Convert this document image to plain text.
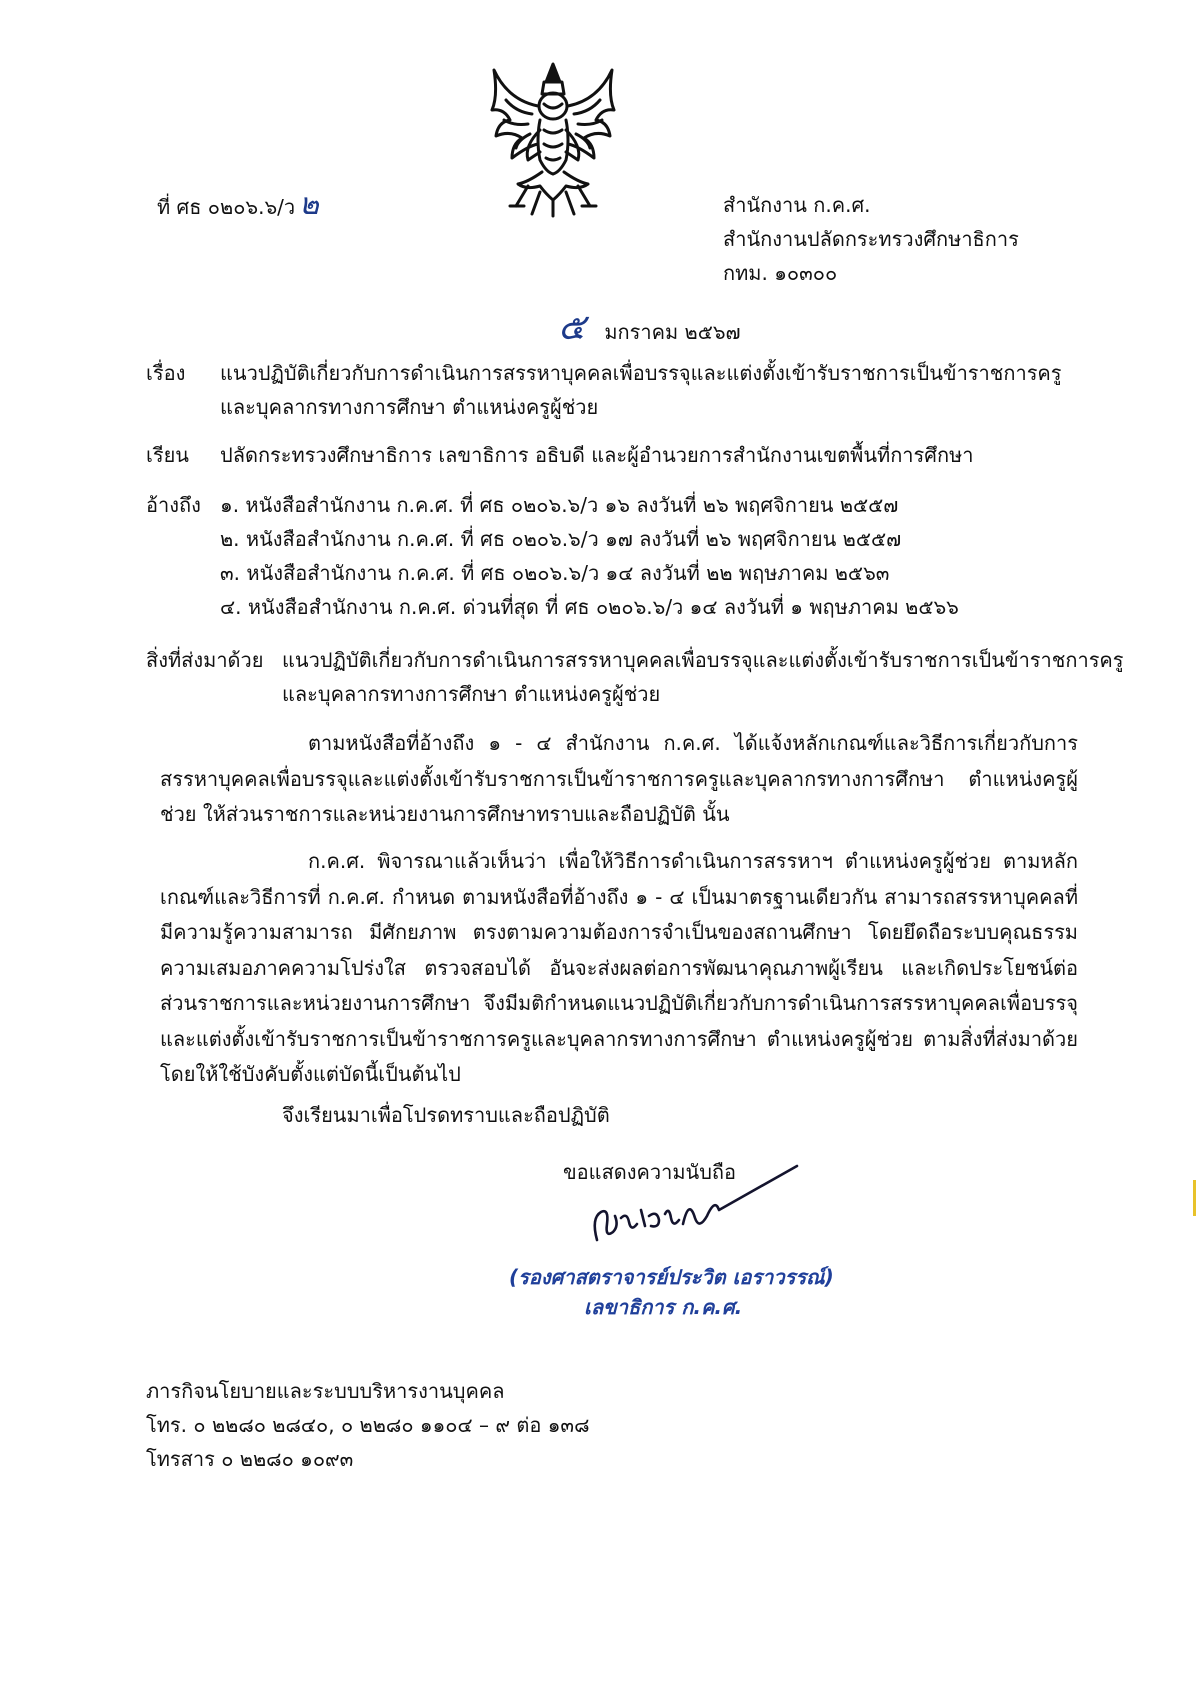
ที่ ศธ ๐๒๐๖.๖/ว ๒	สำนักงาน ก.ค.ศ.
สำนักงานปลัดกระทรวงศึกษาธิการ
กทม. ๑๐๓๐๐
๕ มกราคม ๒๕๖๗
เรื่อง แนวปฏิบัติเกี่ยวกับการดำเนินการสรรหาบุคคลเพื่อบรรจุและแต่งตั้งเข้ารับราชการเป็นข้าราชการครู
และบุคลากรทางการศึกษา ตำแหน่งครูผู้ช่วย
เรียน ปลัดกระทรวงศึกษาธิการ เลขาธิการ อธิบดี และผู้อำนวยการสำนักงานเขตพื้นที่การศึกษา
อ้างถึง ๑. หนังสือสำนักงาน ก.ค.ศ. ที่ ศธ ๐๒๐๖.๖/ว ๑๖ ลงวันที่ ๒๖ พฤศจิกายน ๒๕๕๗
๒. หนังสือสำนักงาน ก.ค.ศ. ที่ ศธ ๐๒๐๖.๖/ว ๑๗ ลงวันที่ ๒๖ พฤศจิกายน ๒๕๕๗
๓. หนังสือสำนักงาน ก.ค.ศ. ที่ ศธ ๐๒๐๖.๖/ว ๑๔ ลงวันที่ ๒๒ พฤษภาคม ๒๕๖๓
๔. หนังสือสำนักงาน ก.ค.ศ. ด่วนที่สุด ที่ ศธ ๐๒๐๖.๖/ว ๑๔ ลงวันที่ ๑ พฤษภาคม ๒๕๖๖
สิ่งที่ส่งมาด้วย แนวปฏิบัติเกี่ยวกับการดำเนินการสรรหาบุคคลเพื่อบรรจุและแต่งตั้งเข้ารับราชการเป็นข้าราชการครู
และบุคลากรทางการศึกษา ตำแหน่งครูผู้ช่วย
ตามหนังสือที่อ้างถึง ๑ - ๔ สำนักงาน ก.ค.ศ. ได้แจ้งหลักเกณฑ์และวิธีการเกี่ยวกับการสรรหาบุคคลเพื่อบรรจุและแต่งตั้งเข้ารับราชการเป็นข้าราชการครูและบุคลากรทางการศึกษา ตำแหน่งครูผู้ช่วย ให้ส่วนราชการและหน่วยงานการศึกษาทราบและถือปฏิบัติ นั้น
ก.ค.ศ. พิจารณาแล้วเห็นว่า เพื่อให้วิธีการดำเนินการสรรหาฯ ตำแหน่งครูผู้ช่วย ตามหลักเกณฑ์และวิธีการที่ ก.ค.ศ. กำหนด ตามหนังสือที่อ้างถึง ๑ - ๔ เป็นมาตรฐานเดียวกัน สามารถสรรหาบุคคลที่มีความรู้ความสามารถ มีศักยภาพ ตรงตามความต้องการจำเป็นของสถานศึกษา โดยยึดถือระบบคุณธรรม ความเสมอภาคความโปร่งใส ตรวจสอบได้ อันจะส่งผลต่อการพัฒนาคุณภาพผู้เรียน และเกิดประโยชน์ต่อส่วนราชการและหน่วยงานการศึกษา จึงมีมติกำหนดแนวปฏิบัติเกี่ยวกับการดำเนินการสรรหาบุคคลเพื่อบรรจุและแต่งตั้งเข้ารับราชการเป็นข้าราชการครูและบุคลากรทางการศึกษา ตำแหน่งครูผู้ช่วย ตามสิ่งที่ส่งมาด้วย โดยให้ใช้บังคับตั้งแต่บัดนี้เป็นต้นไป
จึงเรียนมาเพื่อโปรดทราบและถือปฏิบัติ
ขอแสดงความนับถือ
(รองศาสตราจารย์ประวิต เอราวรรณ์)
เลขาธิการ ก.ค.ศ.
ภารกิจนโยบายและระบบบริหารงานบุคคล
โทร. ๐ ๒๒๘๐ ๒๘๔๐, ๐ ๒๒๘๐ ๑๑๐๔ – ๙ ต่อ ๑๓๘
โทรสาร ๐ ๒๒๘๐ ๑๐๙๓
